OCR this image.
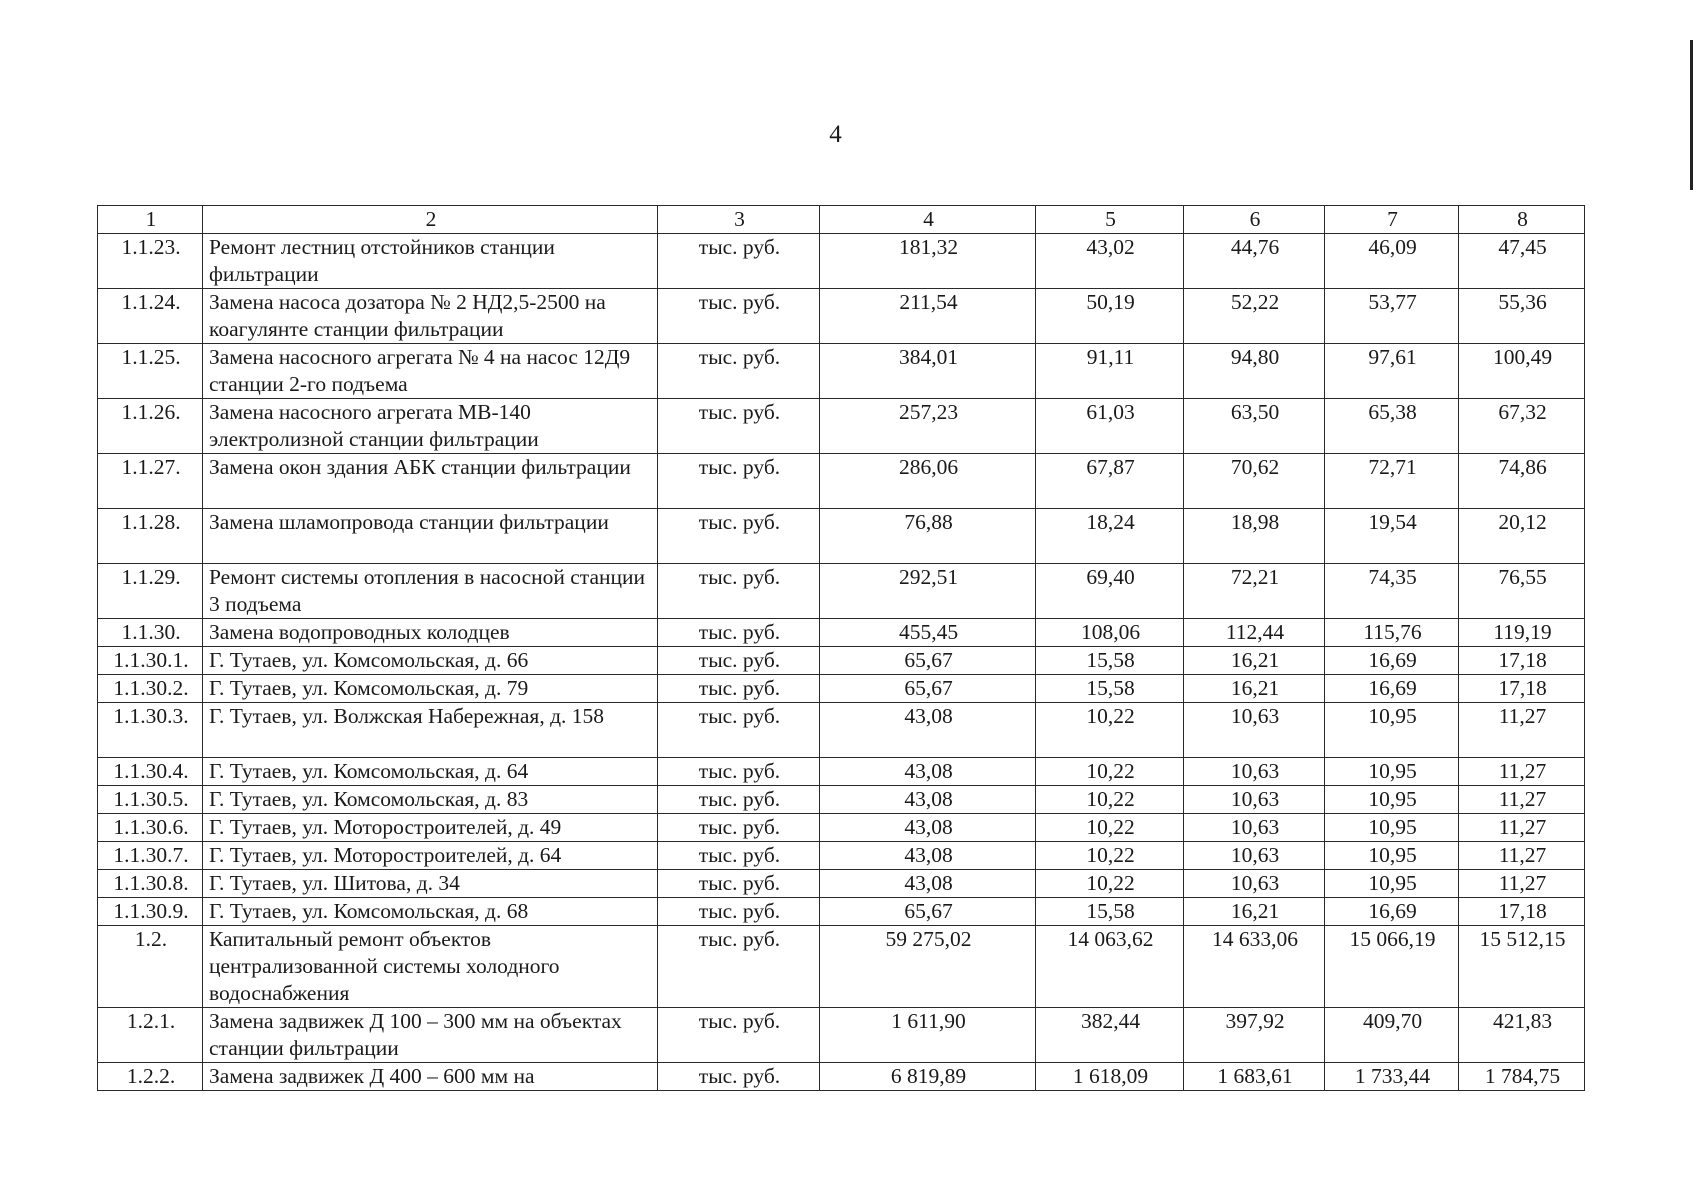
4
1	2	3	4	5	6	7	8
1.1.23.	Ремонт лестниц отстойников станции фильтрации	тыс. руб.	181,32	43,02	44,76	46,09	47,45
1.1.24.	Замена насоса дозатора № 2 НД2,5-2500 на коагулянте станции фильтрации	тыс. руб.	211,54	50,19	52,22	53,77	55,36
1.1.25.	Замена насосного агрегата № 4 на насос 12Д9 станции 2-го подъема	тыс. руб.	384,01	91,11	94,80	97,61	100,49
1.1.26.	Замена насосного агрегата МВ-140 электролизной станции фильтрации	тыс. руб.	257,23	61,03	63,50	65,38	67,32
1.1.27.	Замена окон здания АБК станции фильтрации	тыс. руб.	286,06	67,87	70,62	72,71	74,86
1.1.28.	Замена шламопровода станции фильтрации	тыс. руб.	76,88	18,24	18,98	19,54	20,12
1.1.29.	Ремонт системы отопления в насосной станции 3 подъема	тыс. руб.	292,51	69,40	72,21	74,35	76,55
1.1.30.	Замена водопроводных колодцев	тыс. руб.	455,45	108,06	112,44	115,76	119,19
1.1.30.1.	Г. Тутаев, ул. Комсомольская, д. 66	тыс. руб.	65,67	15,58	16,21	16,69	17,18
1.1.30.2.	Г. Тутаев, ул. Комсомольская, д. 79	тыс. руб.	65,67	15,58	16,21	16,69	17,18
1.1.30.3.	Г. Тутаев, ул. Волжская Набережная, д. 158	тыс. руб.	43,08	10,22	10,63	10,95	11,27
1.1.30.4.	Г. Тутаев, ул. Комсомольская, д. 64	тыс. руб.	43,08	10,22	10,63	10,95	11,27
1.1.30.5.	Г. Тутаев, ул. Комсомольская, д. 83	тыс. руб.	43,08	10,22	10,63	10,95	11,27
1.1.30.6.	Г. Тутаев, ул. Моторостроителей, д. 49	тыс. руб.	43,08	10,22	10,63	10,95	11,27
1.1.30.7.	Г. Тутаев, ул. Моторостроителей, д. 64	тыс. руб.	43,08	10,22	10,63	10,95	11,27
1.1.30.8.	Г. Тутаев, ул. Шитова, д. 34	тыс. руб.	43,08	10,22	10,63	10,95	11,27
1.1.30.9.	Г. Тутаев, ул. Комсомольская, д. 68	тыс. руб.	65,67	15,58	16,21	16,69	17,18
1.2.	Капитальный ремонт объектов централизованной системы холодного водоснабжения	тыс. руб.	59 275,02	14 063,62	14 633,06	15 066,19	15 512,15
1.2.1.	Замена задвижек Д 100 – 300 мм на объектах станции фильтрации	тыс. руб.	1 611,90	382,44	397,92	409,70	421,83
1.2.2.	Замена задвижек Д 400 – 600 мм на	тыс. руб.	6 819,89	1 618,09	1 683,61	1 733,44	1 784,75
